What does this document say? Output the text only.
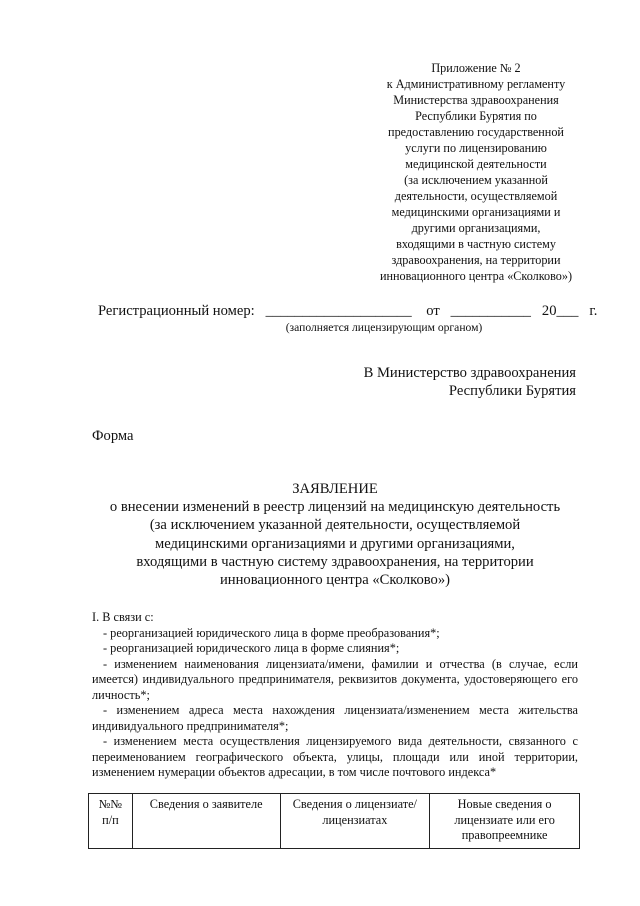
Приложение № 2
к Административному регламенту
Министерства здравоохранения
Республики Бурятия по
предоставлению государственной
услуги по лицензированию
медицинской деятельности
(за исключением указанной
деятельности, осуществляемой
медицинскими организациями и
другими организациями,
входящими в частную систему
здравоохранения, на территории
инновационного центра «Сколково»)
Регистрационный номер: ____________________ от ___________ 20___ г.
(заполняется лицензирующим органом)
В Министерство здравоохранения
Республики Бурятия
Форма
ЗАЯВЛЕНИЕ
о внесении изменений в реестр лицензий на медицинскую деятельность
(за исключением указанной деятельности, осуществляемой
медицинскими организациями и другими организациями,
входящими в частную систему здравоохранения, на территории
инновационного центра «Сколково»)

I. В связи с:

- реорганизацией юридического лица в форме преобразования*;

- реорганизацией юридического лица в форме слияния*;

- изменением наименования лицензиата/имени, фамилии и отчества (в случае, если имеется) индивидуального предпринимателя, реквизитов документа, удостоверяющего его личность*;

- изменением адреса места нахождения лицензиата/изменением места жительства индивидуального предпринимателя*;

- изменением места осуществления лицензируемого вида деятельности, связанного с переименованием географического объекта, улицы, площади или иной территории, изменением нумерации объектов адресации, в том числе почтового индекса*

№№ п/п	Сведения о заявителе	Сведения о лицензиате/лицензиатах	Новые сведения о лицензиате или его правопреемнике
